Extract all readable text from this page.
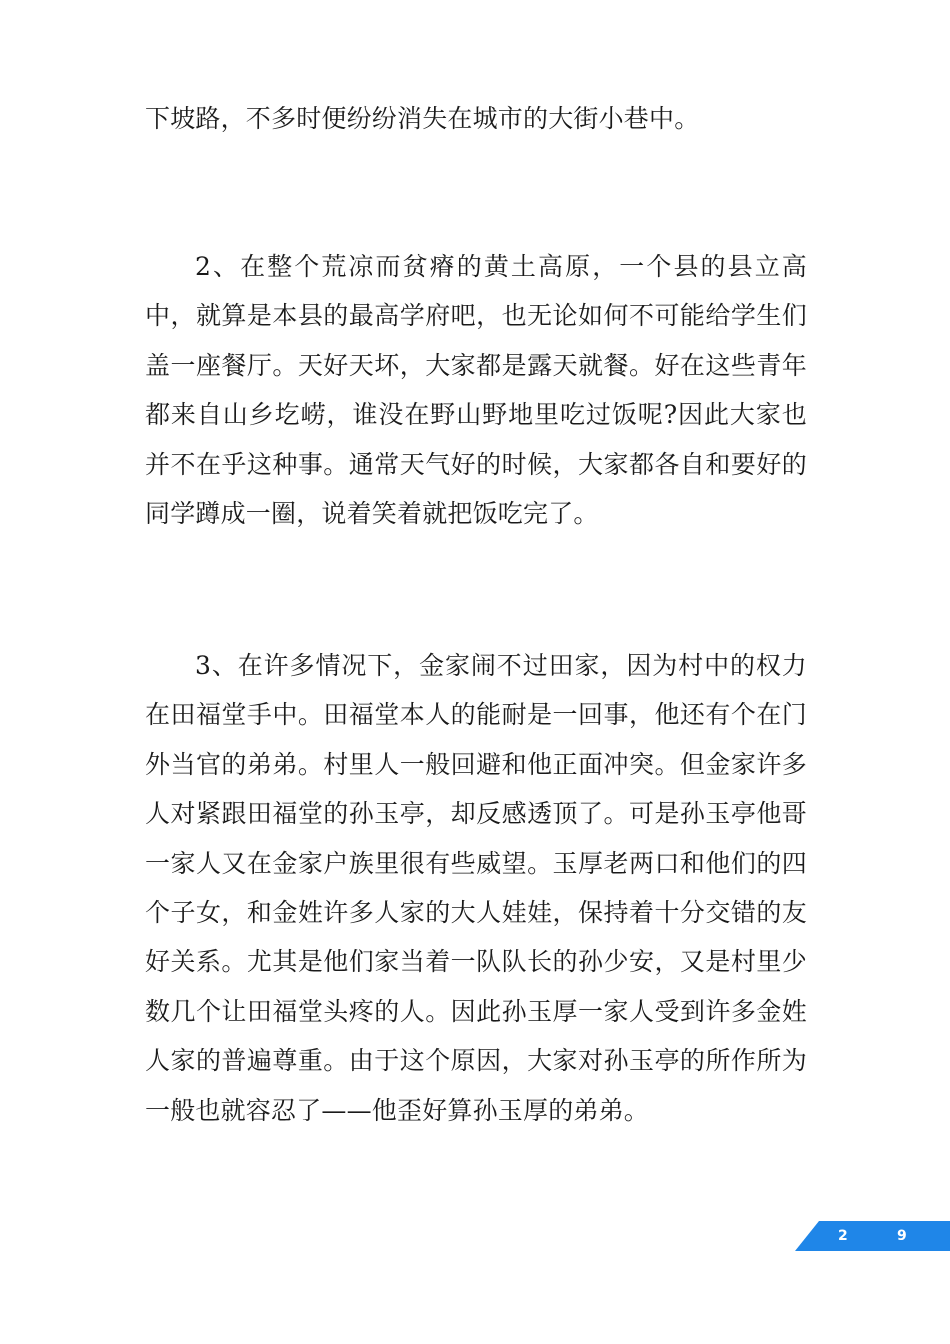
下坡路，不多时便纷纷消失在城市的大街小巷中。

2、在整个荒凉而贫瘠的黄土高原，一个县的县立高中，就算是本县的最高学府吧，也无论如何不可能给学生们盖一座餐厅。天好天坏，大家都是露天就餐。好在这些青年都来自山乡圪崂，谁没在野山野地里吃过饭呢?因此大家也并不在乎这种事。通常天气好的时候，大家都各自和要好的同学蹲成一圈，说着笑着就把饭吃完了。

3、在许多情况下，金家闹不过田家，因为村中的权力在田福堂手中。田福堂本人的能耐是一回事，他还有个在门外当官的弟弟。村里人一般回避和他正面冲突。但金家许多人对紧跟田福堂的孙玉亭，却反感透顶了。可是孙玉亭他哥一家人又在金家户族里很有些威望。玉厚老两口和他们的四个子女，和金姓许多人家的大人娃娃，保持着十分交错的友好关系。尤其是他们家当着一队队长的孙少安，又是村里少数几个让田福堂头疼的人。因此孙玉厚一家人受到许多金姓人家的普遍尊重。由于这个原因，大家对孙玉亭的所作所为一般也就容忍了——他歪好算孙玉厚的弟弟。

2	9
